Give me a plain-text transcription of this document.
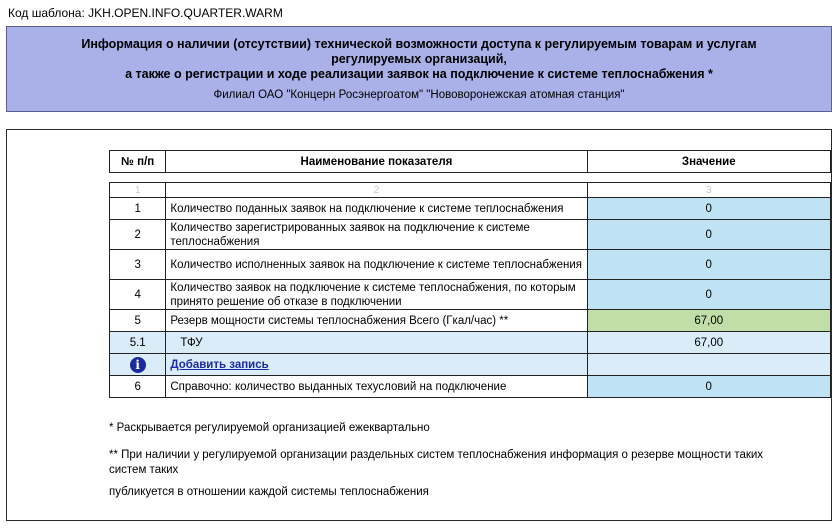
Код шаблона: JKH.OPEN.INFO.QUARTER.WARM
Информация о наличии (отсутствии) технической возможности доступа к регулируемым товарам и услугам регулируемых организаций,
а также о регистрации и ходе реализации заявок на подключение к системе теплоснабжения *
Филиал ОАО "Концерн Росэнергоатом" "Нововоронежская атомная станция"
№ п/п	Наименование показателя	Значение

1	2	3
1	Количество поданных заявок на подключение к системе теплоснабжения	0
2	Количество зарегистрированных заявок на подключение к системе теплоснабжения	0
3	Количество исполненных заявок на подключение к системе теплоснабжения	0
4	Количество заявок на подключение к системе теплоснабжения, по которым принято решение об отказе в подключении	0
5	Резерв мощности системы теплоснабжения Всего (Гкал/час) **	67,00
5.1	ТФУ	67,00
i	Добавить запись	
6	Справочно: количество выданных техусловий на подключение	0
* Раскрывается регулируемой организацией ежеквартально
** При наличии у регулируемой организации раздельных систем теплоснабжения информация о резерве мощности таких систем таких
публикуется в отношении каждой системы теплоснабжения
